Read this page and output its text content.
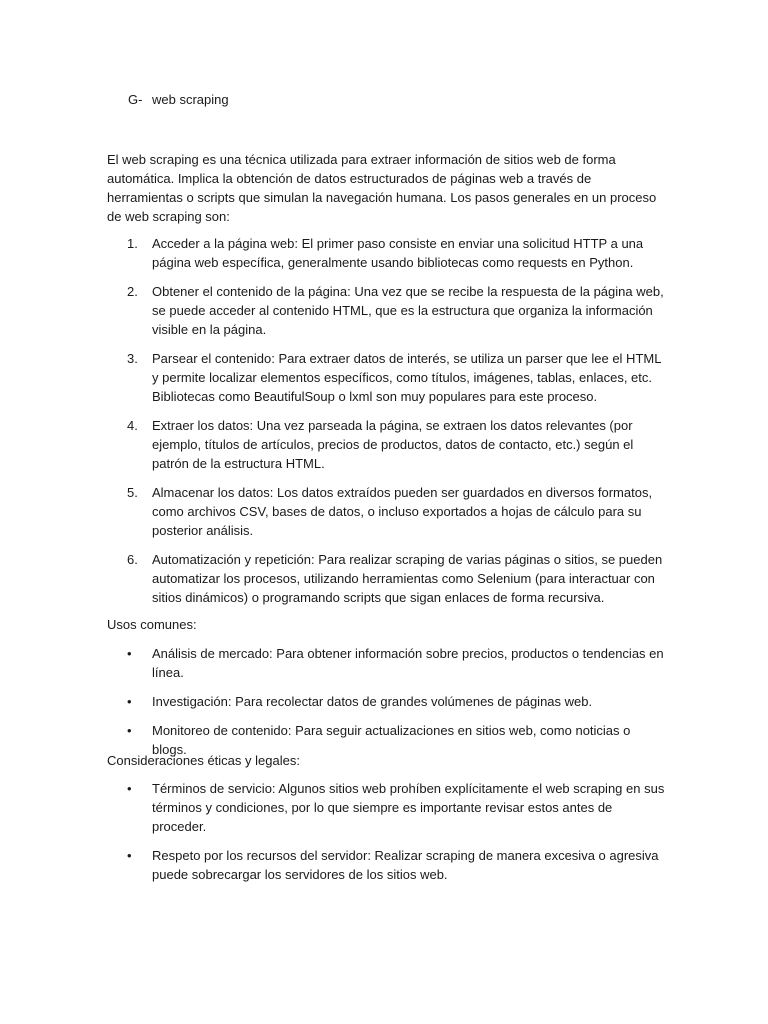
G- web scraping

El web scraping es una técnica utilizada para extraer información de sitios web de forma automática. Implica la obtención de datos estructurados de páginas web a través de herramientas o scripts que simulan la navegación humana. Los pasos generales en un proceso de web scraping son:

1. Acceder a la página web: El primer paso consiste en enviar una solicitud HTTP a una página web específica, generalmente usando bibliotecas como requests en Python.
2. Obtener el contenido de la página: Una vez que se recibe la respuesta de la página web, se puede acceder al contenido HTML, que es la estructura que organiza la información visible en la página.
3. Parsear el contenido: Para extraer datos de interés, se utiliza un parser que lee el HTML y permite localizar elementos específicos, como títulos, imágenes, tablas, enlaces, etc. Bibliotecas como BeautifulSoup o lxml son muy populares para este proceso.
4. Extraer los datos: Una vez parseada la página, se extraen los datos relevantes (por ejemplo, títulos de artículos, precios de productos, datos de contacto, etc.) según el patrón de la estructura HTML.
5. Almacenar los datos: Los datos extraídos pueden ser guardados en diversos formatos, como archivos CSV, bases de datos, o incluso exportados a hojas de cálculo para su posterior análisis.
6. Automatización y repetición: Para realizar scraping de varias páginas o sitios, se pueden automatizar los procesos, utilizando herramientas como Selenium (para interactuar con sitios dinámicos) o programando scripts que sigan enlaces de forma recursiva.

Usos comunes:

• Análisis de mercado: Para obtener información sobre precios, productos o tendencias en línea.
• Investigación: Para recolectar datos de grandes volúmenes de páginas web.
• Monitoreo de contenido: Para seguir actualizaciones en sitios web, como noticias o blogs.

Consideraciones éticas y legales:

• Términos de servicio: Algunos sitios web prohíben explícitamente el web scraping en sus términos y condiciones, por lo que siempre es importante revisar estos antes de proceder.
• Respeto por los recursos del servidor: Realizar scraping de manera excesiva o agresiva puede sobrecargar los servidores de los sitios web.
